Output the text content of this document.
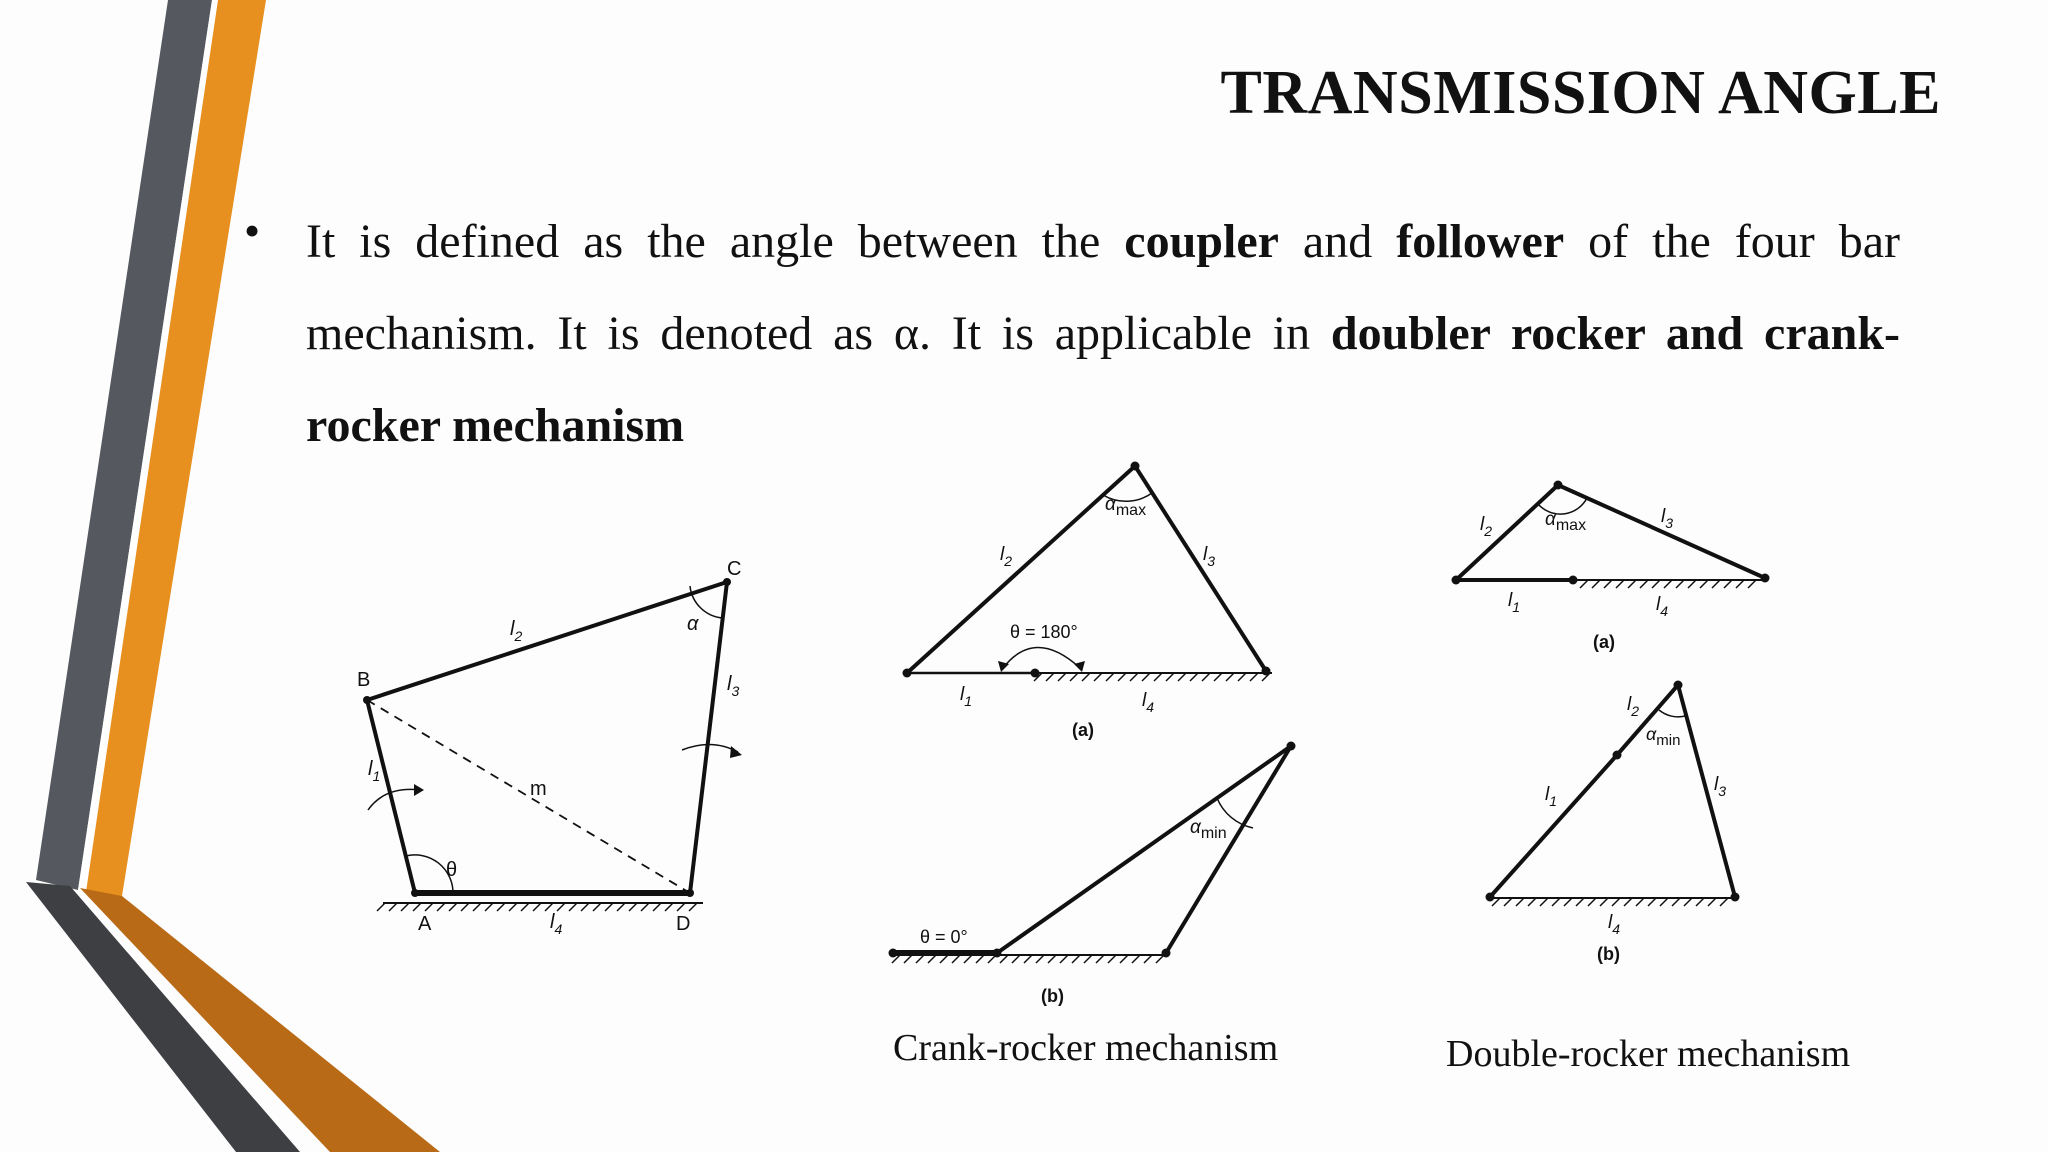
TRANSMISSION ANGLE
• It is defined as the angle between the coupler and follower of the four bar mechanism. It is denoted as α. It is applicable in doubler rocker and crank-rocker mechanism

A
B
C
D
$l_1$
$l_2$
$l_3$
$l_4$
m
θ
α	θ = 180°
$\alpha_{max}$
$l_2$	$l_3$
$l_1$	$l_4$
(a)
θ = 0°
$\alpha_{min}$
(b)
Crank-rocker mechanism
$\alpha_{max}$
$l_2$
$l_3$
$l_1$	$l_4$
(a)
$\alpha_{min}$
$l_2$
$l_3$
$l_1$
$l_4$
(b)
Double-rocker mechanism
